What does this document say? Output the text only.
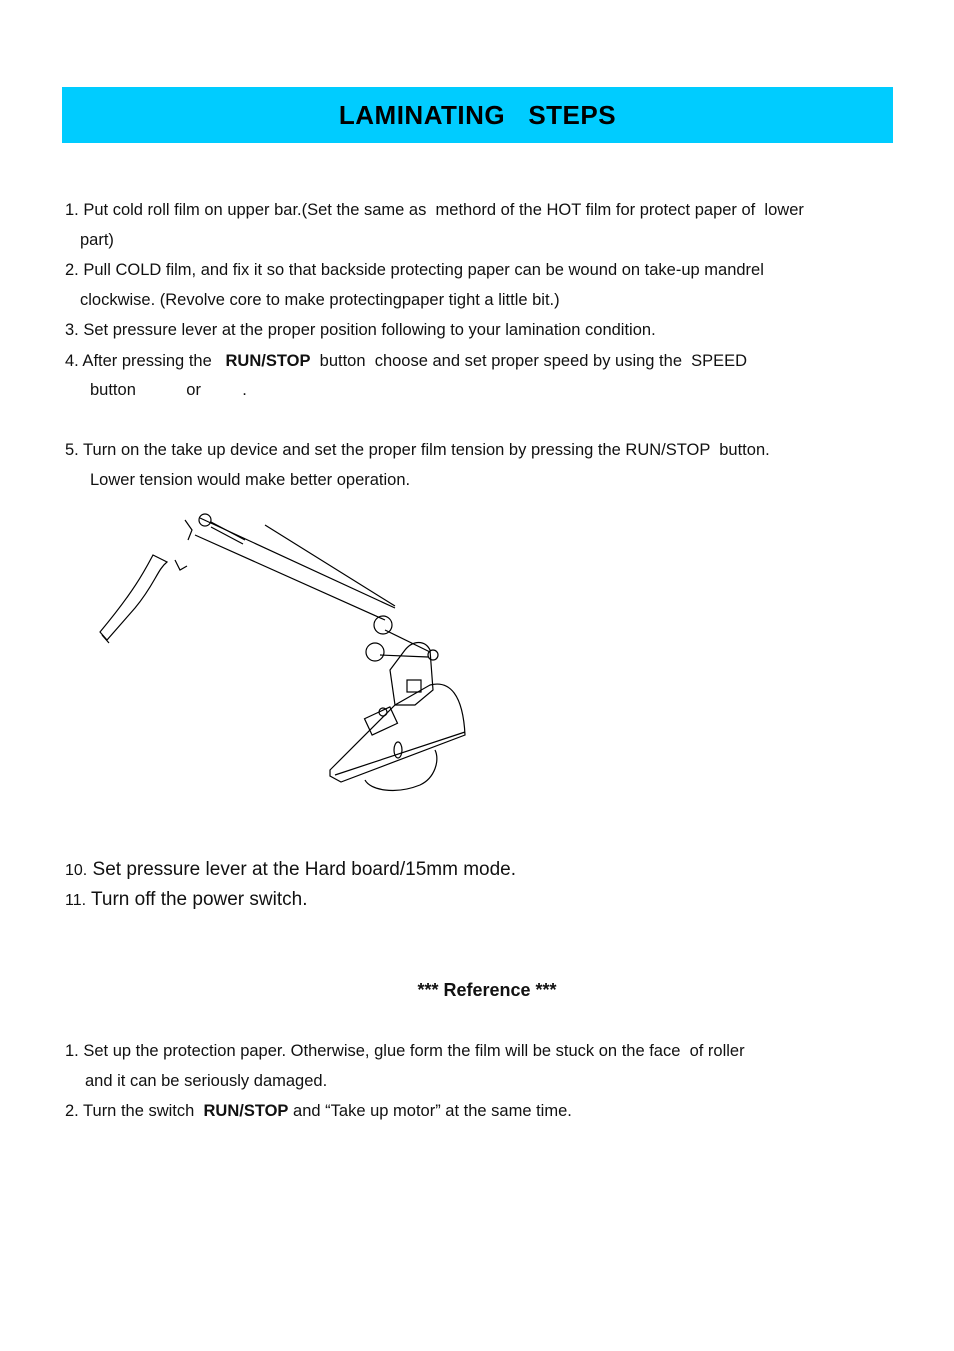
LAMINATING   STEPS
1. Put cold roll film on upper bar.(Set the same as  methord of the HOT film for protect paper of  lower
part)
2. Pull COLD film, and fix it so that backside protecting paper can be wound on take-up mandrel
clockwise. (Revolve core to make protectingpaper tight a little bit.)
3. Set pressure lever at the proper position following to your lamination condition.
4. After pressing the   RUN/STOP  button  choose and set proper speed by using the  SPEED
button           or         .
5. Turn on the take up device and set the proper film tension by pressing the RUN/STOP  button.
Lower tension would make better operation.
10. Set pressure lever at the Hard board/15mm mode.
11. Turn off the power switch.
*** Reference ***
1. Set up the protection paper. Otherwise, glue form the film will be stuck on the face  of roller
and it can be seriously damaged.
2. Turn the switch  RUN/STOP and “Take up motor” at the same time.
